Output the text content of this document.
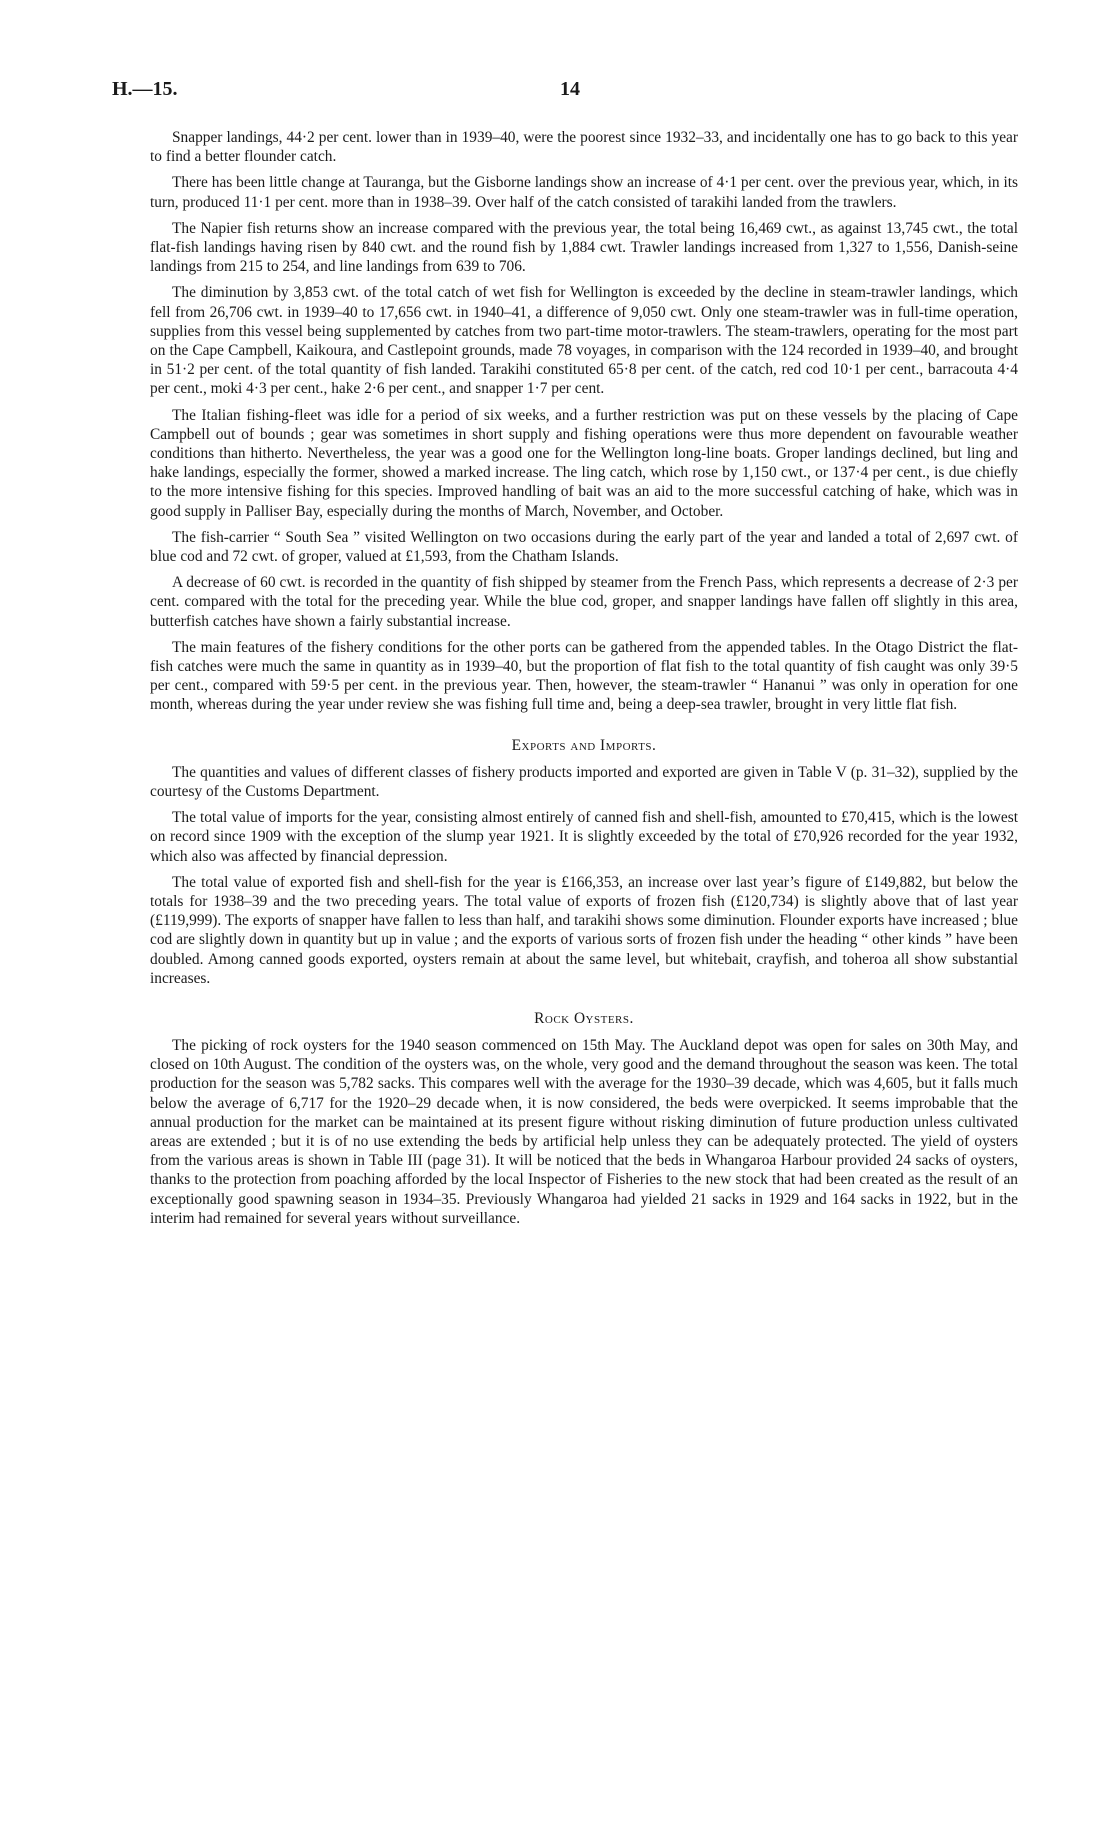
H.—15.	14

Snapper landings, 44·2 per cent. lower than in 1939–40, were the poorest since 1932–33, and incidentally one has to go back to this year to find a better flounder catch.

There has been little change at Tauranga, but the Gisborne landings show an increase of 4·1 per cent. over the previous year, which, in its turn, produced 11·1 per cent. more than in 1938–39. Over half of the catch consisted of tarakihi landed from the trawlers.

The Napier fish returns show an increase compared with the previous year, the total being 16,469 cwt., as against 13,745 cwt., the total flat-fish landings having risen by 840 cwt. and the round fish by 1,884 cwt. Trawler landings increased from 1,327 to 1,556, Danish-seine landings from 215 to 254, and line landings from 639 to 706.

The diminution by 3,853 cwt. of the total catch of wet fish for Wellington is exceeded by the decline in steam-trawler landings, which fell from 26,706 cwt. in 1939–40 to 17,656 cwt. in 1940–41, a difference of 9,050 cwt. Only one steam-trawler was in full-time operation, supplies from this vessel being supplemented by catches from two part-time motor-trawlers. The steam-trawlers, operating for the most part on the Cape Campbell, Kaikoura, and Castlepoint grounds, made 78 voyages, in comparison with the 124 recorded in 1939–40, and brought in 51·2 per cent. of the total quantity of fish landed. Tarakihi constituted 65·8 per cent. of the catch, red cod 10·1 per cent., barracouta 4·4 per cent., moki 4·3 per cent., hake 2·6 per cent., and snapper 1·7 per cent.

The Italian fishing-fleet was idle for a period of six weeks, and a further restriction was put on these vessels by the placing of Cape Campbell out of bounds ; gear was sometimes in short supply and fishing operations were thus more dependent on favourable weather conditions than hitherto. Nevertheless, the year was a good one for the Wellington long-line boats. Groper landings declined, but ling and hake landings, especially the former, showed a marked increase. The ling catch, which rose by 1,150 cwt., or 137·4 per cent., is due chiefly to the more intensive fishing for this species. Improved handling of bait was an aid to the more successful catching of hake, which was in good supply in Palliser Bay, especially during the months of March, November, and October.

The fish-carrier “ South Sea ” visited Wellington on two occasions during the early part of the year and landed a total of 2,697 cwt. of blue cod and 72 cwt. of groper, valued at £1,593, from the Chatham Islands.

A decrease of 60 cwt. is recorded in the quantity of fish shipped by steamer from the French Pass, which represents a decrease of 2·3 per cent. compared with the total for the preceding year. While the blue cod, groper, and snapper landings have fallen off slightly in this area, butterfish catches have shown a fairly substantial increase.

The main features of the fishery conditions for the other ports can be gathered from the appended tables. In the Otago District the flat-fish catches were much the same in quantity as in 1939–40, but the proportion of flat fish to the total quantity of fish caught was only 39·5 per cent., compared with 59·5 per cent. in the previous year. Then, however, the steam-trawler “ Hananui ” was only in operation for one month, whereas during the year under review she was fishing full time and, being a deep-sea trawler, brought in very little flat fish.

Exports and Imports.

The quantities and values of different classes of fishery products imported and exported are given in Table V (p. 31–32), supplied by the courtesy of the Customs Department.

The total value of imports for the year, consisting almost entirely of canned fish and shell-fish, amounted to £70,415, which is the lowest on record since 1909 with the exception of the slump year 1921. It is slightly exceeded by the total of £70,926 recorded for the year 1932, which also was affected by financial depression.

The total value of exported fish and shell-fish for the year is £166,353, an increase over last year’s figure of £149,882, but below the totals for 1938–39 and the two preceding years. The total value of exports of frozen fish (£120,734) is slightly above that of last year (£119,999). The exports of snapper have fallen to less than half, and tarakihi shows some diminution. Flounder exports have increased ; blue cod are slightly down in quantity but up in value ; and the exports of various sorts of frozen fish under the heading “ other kinds ” have been doubled. Among canned goods exported, oysters remain at about the same level, but whitebait, crayfish, and toheroa all show substantial increases.

Rock Oysters.

The picking of rock oysters for the 1940 season commenced on 15th May. The Auckland depot was open for sales on 30th May, and closed on 10th August. The condition of the oysters was, on the whole, very good and the demand throughout the season was keen. The total production for the season was 5,782 sacks. This compares well with the average for the 1930–39 decade, which was 4,605, but it falls much below the average of 6,717 for the 1920–29 decade when, it is now considered, the beds were overpicked. It seems improbable that the annual production for the market can be maintained at its present figure without risking diminution of future production unless cultivated areas are extended ; but it is of no use extending the beds by artificial help unless they can be adequately protected. The yield of oysters from the various areas is shown in Table III (page 31). It will be noticed that the beds in Whangaroa Harbour provided 24 sacks of oysters, thanks to the protection from poaching afforded by the local Inspector of Fisheries to the new stock that had been created as the result of an exceptionally good spawning season in 1934–35. Previously Whangaroa had yielded 21 sacks in 1929 and 164 sacks in 1922, but in the interim had remained for several years without surveillance.
